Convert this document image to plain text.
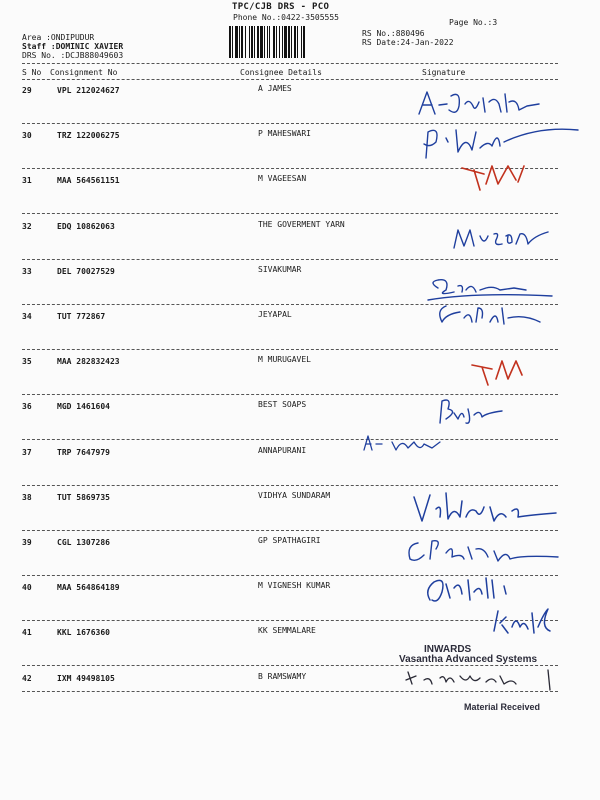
TPC/CJB DRS - PCO
Phone No.:0422-3505555
Page No.:3
RS No.:880496
RS Date:24-Jan-2022
Area :ONDIPUDUR
Staff :DOMINIC XAVIER
DRS No. :DCJB88049603
S No Consignment No	Consignee Details	Signature
29	VPL 212024627	A JAMES
30	TRZ 122006275	P MAHESWARI
31	MAA 564561151	M VAGEESAN
32	EDQ 10862063	THE GOVERMENT YARN
33	DEL 70027529	SIVAKUMAR
34	TUT 772867	JEYAPAL
35	MAA 282832423	M MURUGAVEL
36	MGD 1461604	BEST SOAPS
37	TRP 7647979	ANNAPURANI
38	TUT 5869735	VIDHYA SUNDARAM
39	CGL 1307286	GP SPATHAGIRI
40	MAA 564864189	M VIGNESH KUMAR
41	KKL 1676360	KK SEMMALARE
42	IXM 49498105	B RAMSWAMY
INWARDS
Vasantha Advanced Systems
Material Received
